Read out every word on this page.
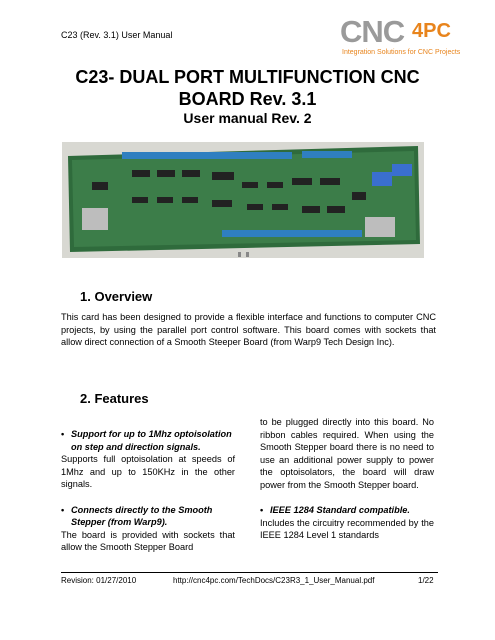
C23 (Rev. 3.1) User Manual	CNC 4PC
Integration Solutions for CNC Projects
C23- DUAL PORT MULTIFUNCTION CNC
BOARD Rev. 3.1
User manual Rev. 2
1. Overview
This card has been designed to provide a flexible interface and functions to computer CNC projects, by using the parallel port control software. This board comes with sockets that allow direct connection of a Smooth Steeper Board (from Warp9 Tech Design Inc).
2. Features
• Support for up to 1Mhz optoisolation on step and direction signals.

Supports full optoisolation at speeds of 1Mhz and up to 150KHz in the other signals.

• Connects directly to the Smooth Stepper (from Warp9).

The board is provided with sockets that allow the Smooth Stepper Board

to be plugged directly into this board. No ribbon cables required. When using the Smooth Stepper board there is no need to use an additional power supply to power the optoisolators, the board will draw power from the Smooth Stepper board.

• IEEE 1284 Standard compatible.

Includes the circuitry recommended by the IEEE 1284 Level 1 standards

Revision: 01/27/2010	http://cnc4pc.com/TechDocs/C23R3_1_User_Manual.pdf	1/22
